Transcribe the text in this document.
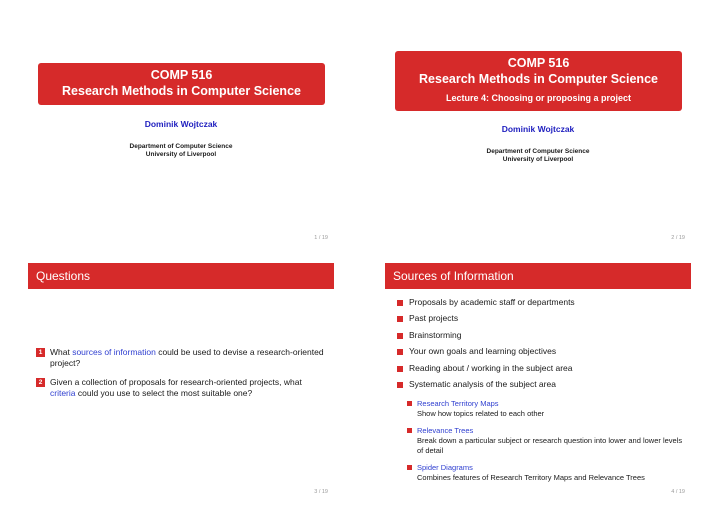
COMP 516
Research Methods in Computer Science
Dominik Wojtczak
Department of Computer Science
University of Liverpool
1 / 19
COMP 516
Research Methods in Computer Science
Lecture 4: Choosing or proposing a project
Dominik Wojtczak
Department of Computer Science
University of Liverpool
2 / 19
Questions
1 What sources of information could be used to devise a research-oriented project?
2 Given a collection of proposals for research-oriented projects, what criteria could you use to select the most suitable one?
3 / 19
Sources of Information
Proposals by academic staff or departments
Past projects
Brainstorming
Your own goals and learning objectives
Reading about / working in the subject area
Systematic analysis of the subject area
Research Territory Maps
Show how topics related to each other
Relevance Trees
Break down a particular subject or research question into lower and lower levels of detail
Spider Diagrams
Combines features of Research Territory Maps and Relevance Trees
4 / 19
